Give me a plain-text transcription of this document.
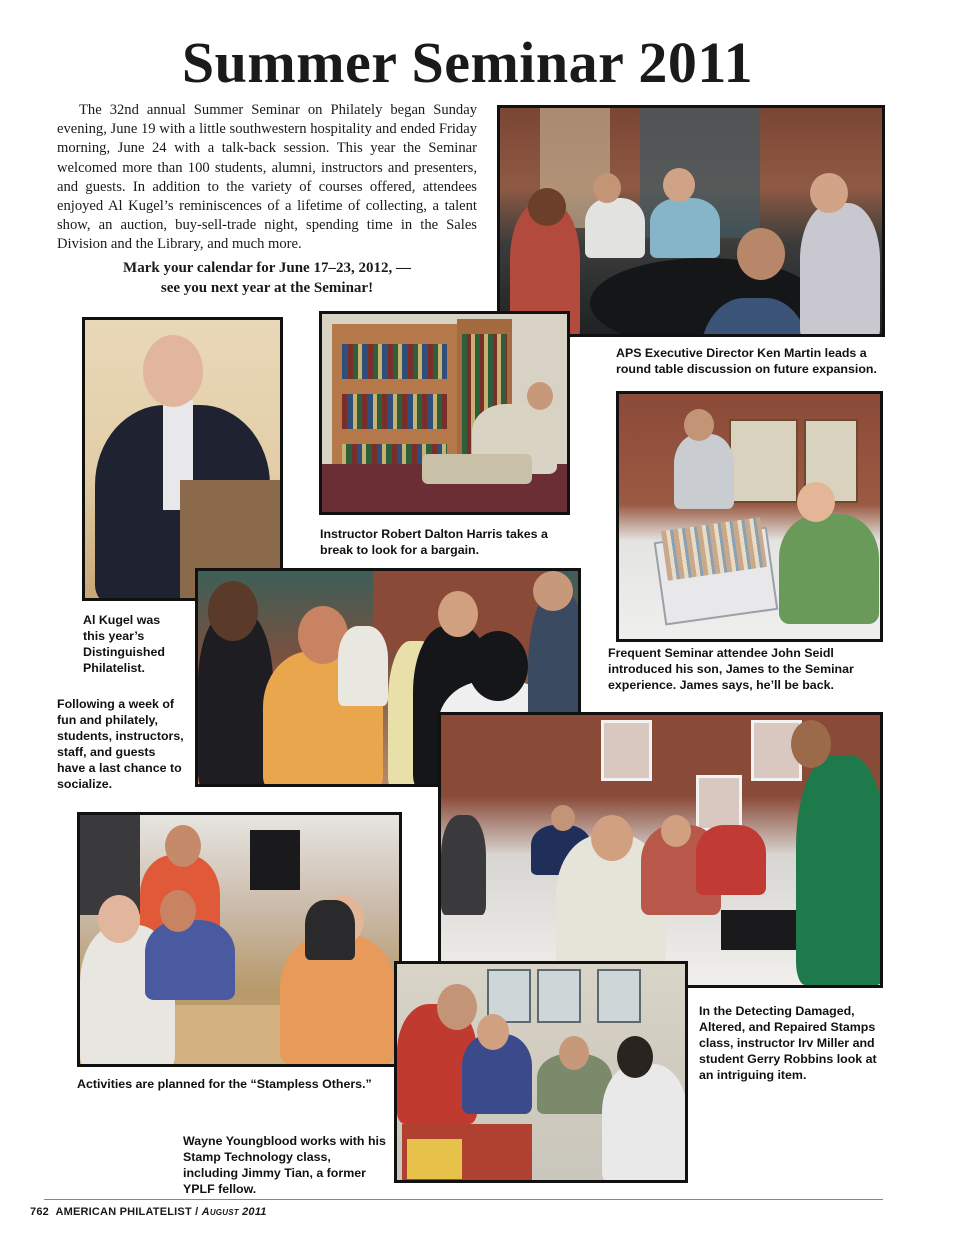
Summer Seminar 2011

The 32nd annual Summer Seminar on Philately began Sunday evening, June 19 with a little southwestern hospitality and ended Friday morning, June 24 with a talk-back session. This year the Seminar welcomed more than 100 students, alumni, instructors and presenters, and guests. In addition to the variety of courses offered, attendees enjoyed Al Kugel’s reminiscences of a lifetime of collecting, a talent show, an auction, buy-sell-trade night, spending time in the Sales Division and the Library, and much more.

Mark your calendar for June 17–23, 2012, —
see you next year at the Seminar!

APS Executive Director Ken Martin leads a round table discussion on future expansion.

Al Kugel was this year’s Distinguished Philatelist.

Instructor Robert Dalton Harris takes a break to look for a bargain.

Frequent Seminar attendee John Seidl introduced his son, James to the Seminar experience. James says, he’ll be back.

Following a week of fun and philately, students, instructors, staff, and guests have a last chance to socialize.

In the Detecting Damaged, Altered, and Repaired Stamps class, instructor Irv Miller and student Gerry Robbins look at an intriguing item.

Activities are planned for the “Stampless Others.”

Wayne Youngblood works with his Stamp Technology class, including Jimmy Tian, a former YPLF fellow.

762 AMERICAN PHILATELIST / August 2011
